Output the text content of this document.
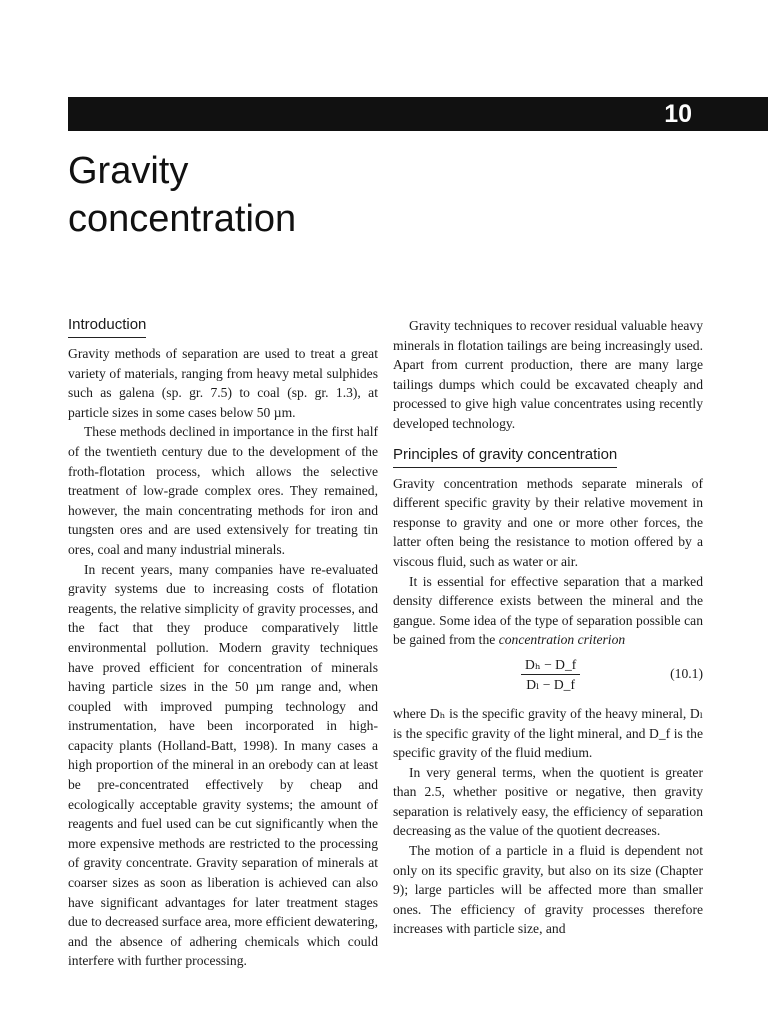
10
Gravity
concentration
Introduction

Gravity methods of separation are used to treat a great variety of materials, ranging from heavy metal sulphides such as galena (sp. gr. 7.5) to coal (sp. gr. 1.3), at particle sizes in some cases below 50 µm.

These methods declined in importance in the first half of the twentieth century due to the development of the froth-flotation process, which allows the selective treatment of low-grade complex ores. They remained, however, the main concentrating methods for iron and tungsten ores and are used extensively for treating tin ores, coal and many industrial minerals.

In recent years, many companies have re-evaluated gravity systems due to increasing costs of flotation reagents, the relative simplicity of gravity processes, and the fact that they produce comparatively little environmental pollution. Modern gravity techniques have proved efficient for concentration of minerals having particle sizes in the 50 µm range and, when coupled with improved pumping technology and instrumentation, have been incorporated in high-capacity plants (Holland-Batt, 1998). In many cases a high proportion of the mineral in an orebody can at least be pre-concentrated effectively by cheap and ecologically acceptable gravity systems; the amount of reagents and fuel used can be cut significantly when the more expensive methods are restricted to the processing of gravity concentrate. Gravity separation of minerals at coarser sizes as soon as liberation is achieved can also have significant advantages for later treatment stages due to decreased surface area, more efficient dewatering, and the absence of adhering chemicals which could interfere with further processing.

Gravity techniques to recover residual valuable heavy minerals in flotation tailings are being increasingly used. Apart from current production, there are many large tailings dumps which could be excavated cheaply and processed to give high value concentrates using recently developed technology.

Principles of gravity concentration

Gravity concentration methods separate minerals of different specific gravity by their relative movement in response to gravity and one or more other forces, the latter often being the resistance to motion offered by a viscous fluid, such as water or air.

It is essential for effective separation that a marked density difference exists between the mineral and the gangue. Some idea of the type of separation possible can be gained from the concentration criterion

$\frac{\text{Dₕ − D\_f}}{\text{Dₗ − D\_f}}$	(10.1)

where Dₕ is the specific gravity of the heavy mineral, Dₗ is the specific gravity of the light mineral, and D_f is the specific gravity of the fluid medium.

In very general terms, when the quotient is greater than 2.5, whether positive or negative, then gravity separation is relatively easy, the efficiency of separation decreasing as the value of the quotient decreases.

The motion of a particle in a fluid is dependent not only on its specific gravity, but also on its size (Chapter 9); large particles will be affected more than smaller ones. The efficiency of gravity processes therefore increases with particle size, and
